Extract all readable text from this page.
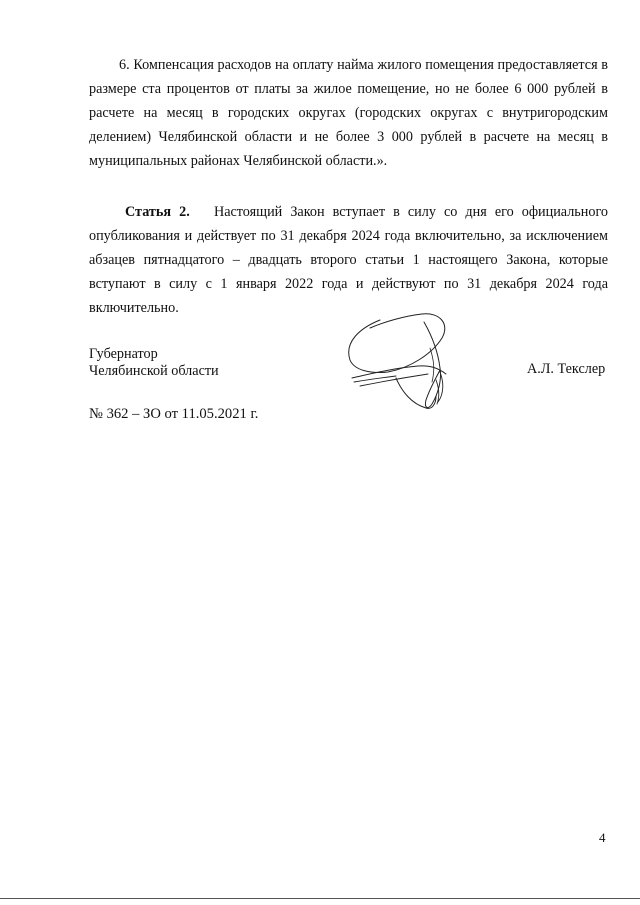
6. Компенсация расходов на оплату найма жилого помещения предоставляется в размере ста процентов от платы за жилое помещение, но не более 6 000 рублей в расчете на месяц в городских округах (городских округах с внутригородским делением) Челябинской области и не более 3 000 рублей в расчете на месяц в муниципальных районах Челябинской области.».

Статья 2. Настоящий Закон вступает в силу со дня его официального опубликования и действует по 31 декабря 2024 года включительно, за исключением абзацев пятнадцатого – двадцать второго статьи 1 настоящего Закона, которые вступают в силу с 1 января 2022 года и действуют по 31 декабря 2024 года включительно.

Губернатор
Челябинской области	А.Л. Текслер
№ 362 – ЗО от 11.05.2021 г.
4
